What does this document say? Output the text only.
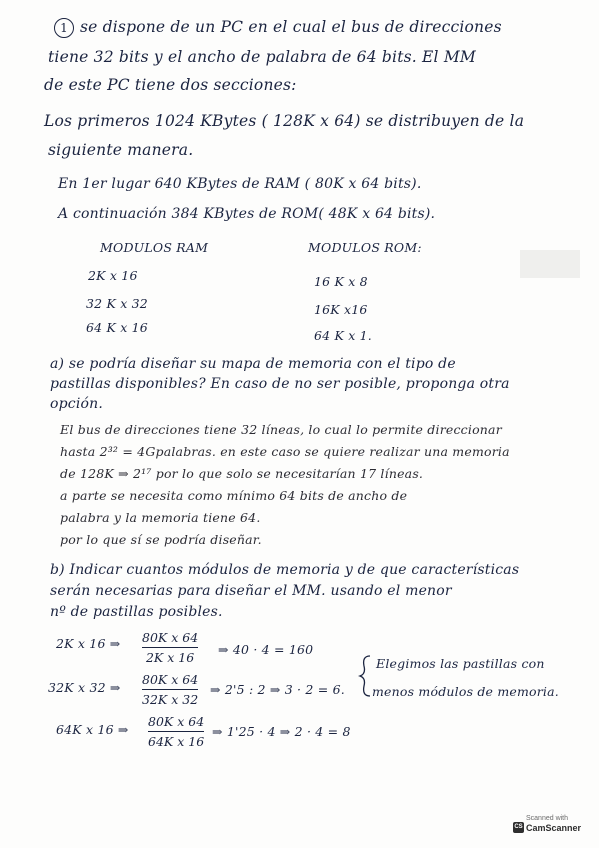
1 se dispone de un PC en el cual el bus de direcciones
tiene 32 bits y el ancho de palabra de 64 bits. El MM
de este PC tiene dos secciones:
Los primeros 1024 KBytes ( 128K x 64) se distribuyen de la
siguiente manera.
En 1er lugar 640 KBytes de RAM ( 80K x 64 bits).
A continuación 384 KBytes de ROM( 48K x 64 bits).
MODULOS RAM	MODULOS ROM:
2K x 16
32 K x 32
64 K x 16
16 K x 8
16K x16
64 K x 1.
a) se podría diseñar su mapa de memoria con el tipo de
pastillas disponibles? En caso de no ser posible, proponga otra
opción.
El bus de direcciones tiene 32 líneas, lo cual lo permite direccionar
hasta 2³² = 4Gpalabras. en este caso se quiere realizar una memoria
de 128K ⇒ 2¹⁷ por lo que solo se necesitarían 17 líneas.
a parte se necesita como mínimo 64 bits de ancho de
palabra y la memoria tiene 64.
por lo que sí se podría diseñar.
b) Indicar cuantos módulos de memoria y de que características
serán necesarias para diseñar el MM. usando el menor
nº de pastillas posibles.
2K x 16 ⇒ 80K x 64
2K x 16
⇒ 40 · 4 = 160
32K x 32 ⇒
80K x 64
32K x 32
⇒ 2'5 : 2 ⇒ 3 · 2 = 6.
Elegimos las pastillas con
menos módulos de memoria.
64K x 16 ⇒
80K x 64
64K x 16
⇒ 1'25 · 4 ⇒ 2 · 4 = 8
Scanned with
CS CamScanner
